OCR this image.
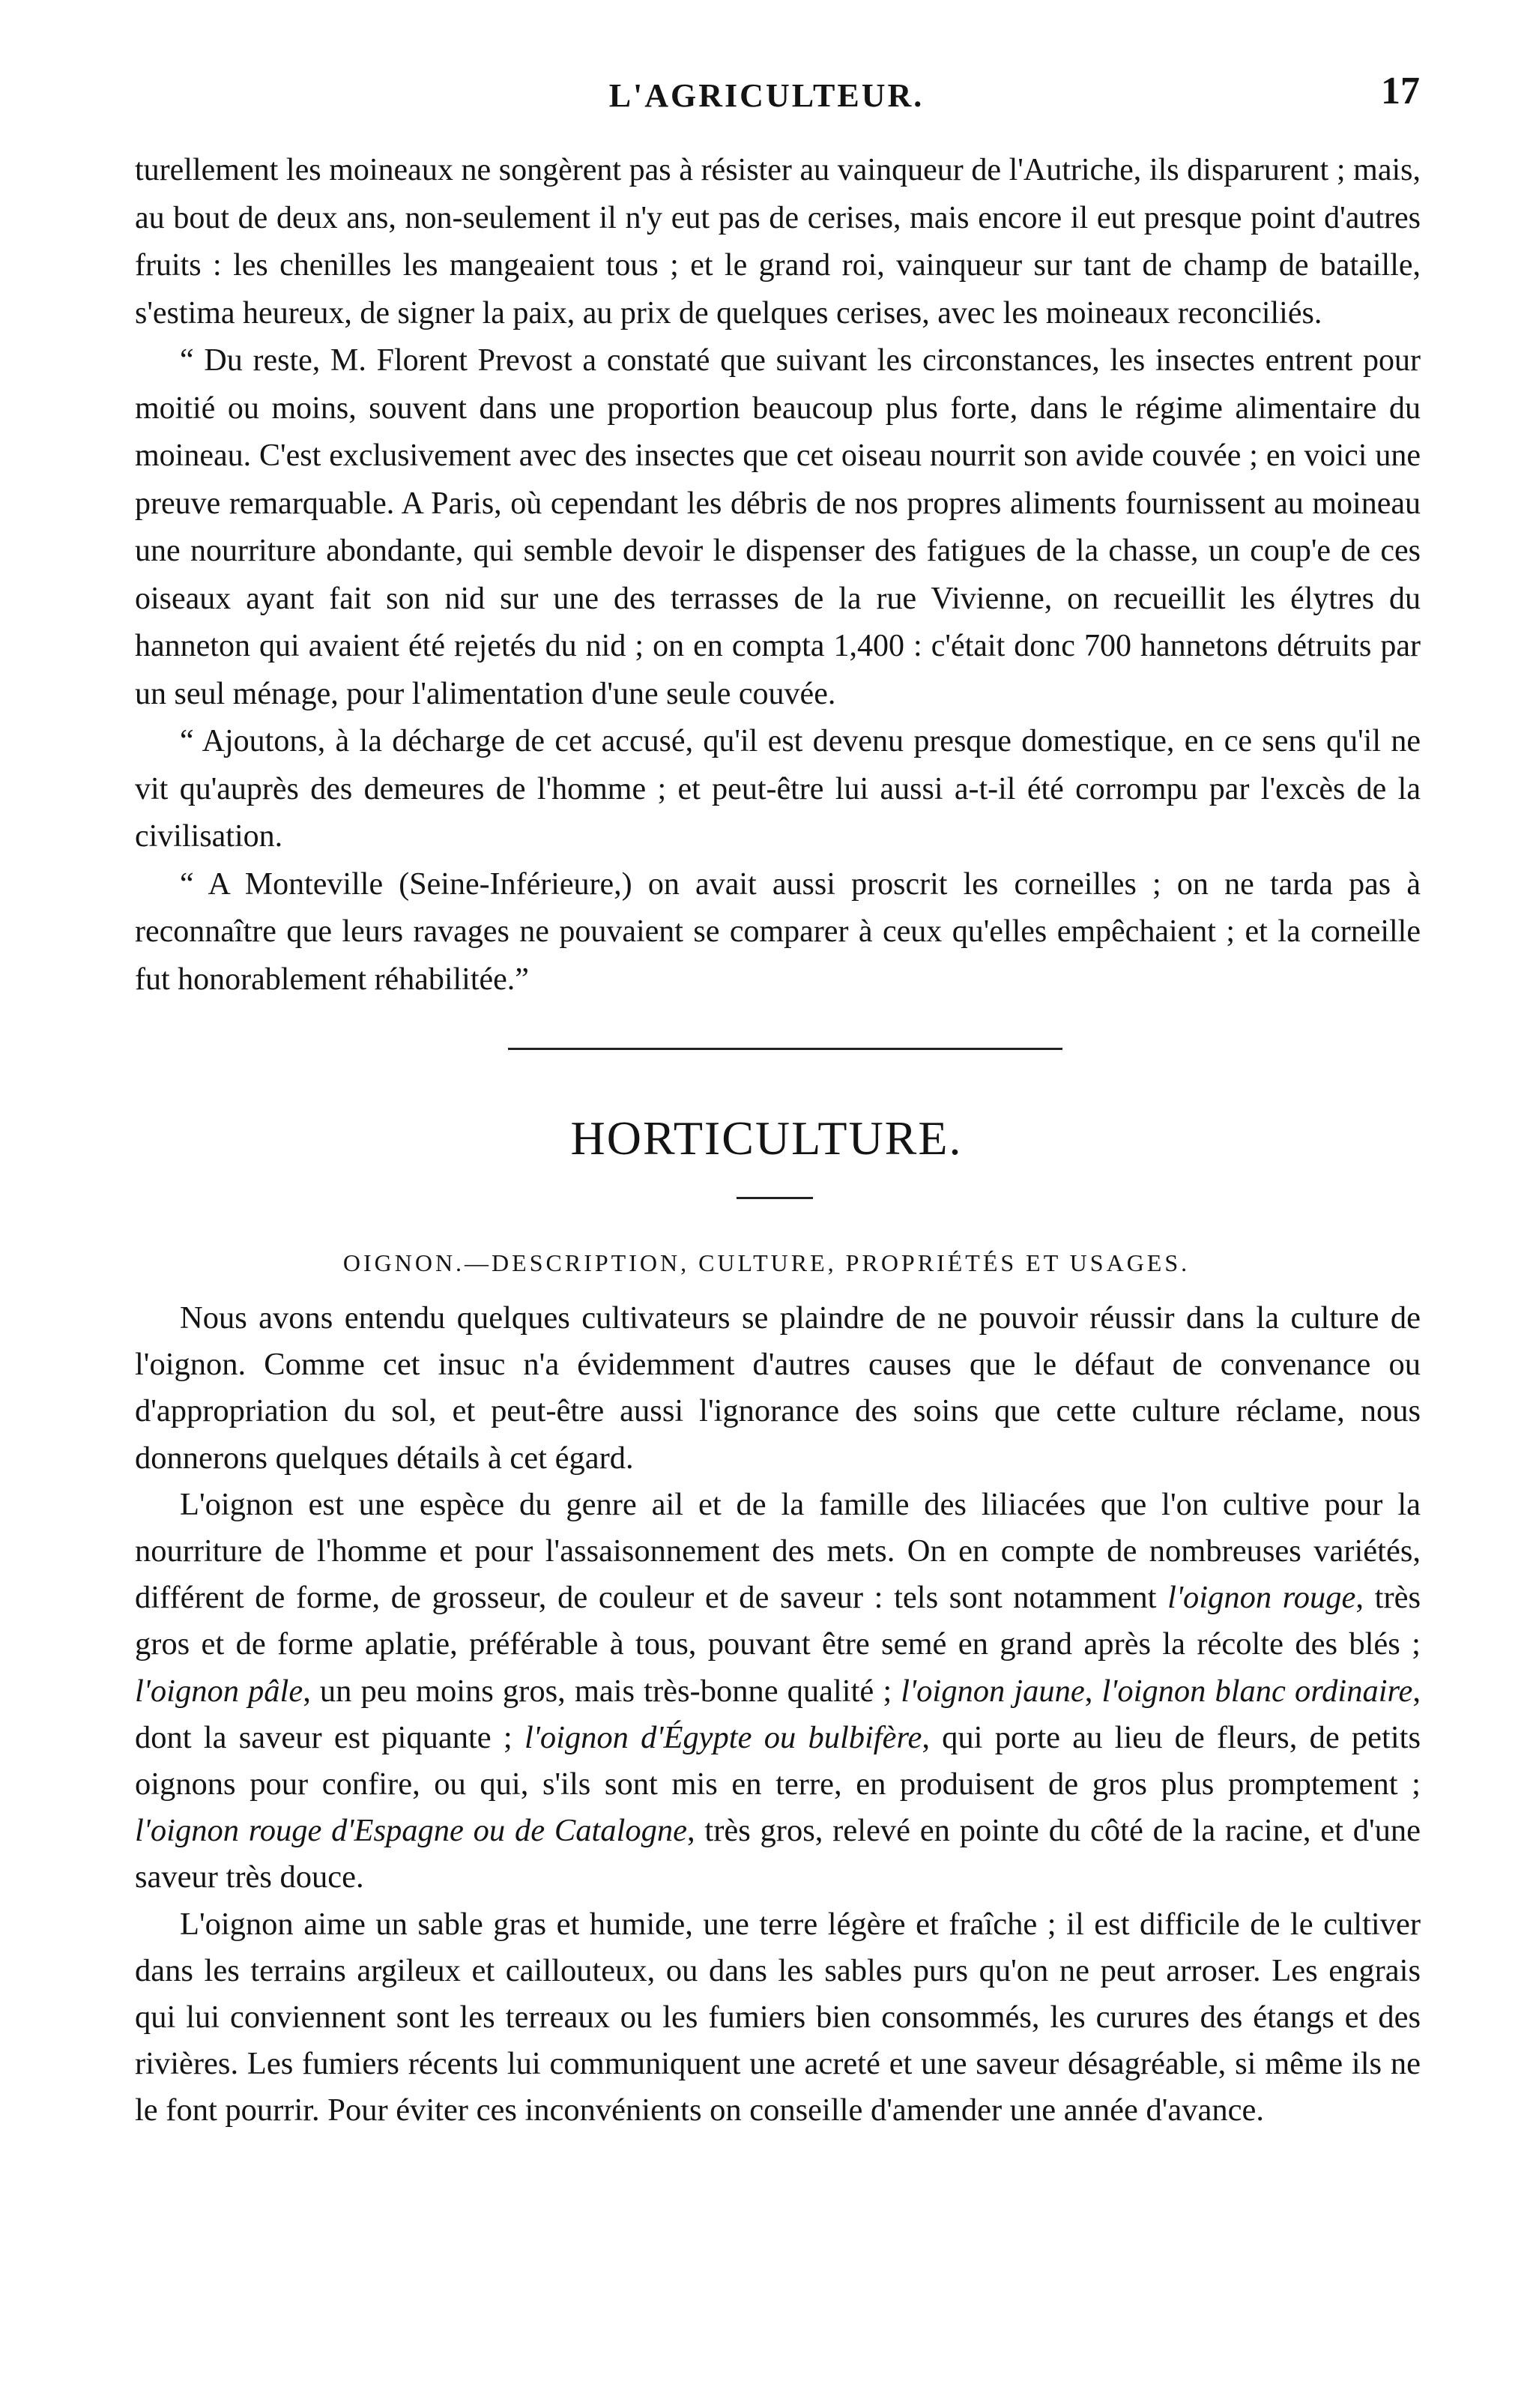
L'AGRICULTEUR.	17

turellement les moineaux ne songèrent pas à résister au vainqueur de l'Autriche, ils disparurent ; mais, au bout de deux ans, non-seulement il n'y eut pas de cerises, mais encore il eut presque point d'autres fruits : les chenilles les mangeaient tous ; et le grand roi, vainqueur sur tant de champ de bataille, s'estima heureux, de signer la paix, au prix de quelques cerises, avec les moineaux reconciliés.

“ Du reste, M. Florent Prevost a constaté que suivant les circonstances, les insectes entrent pour moitié ou moins, souvent dans une proportion beaucoup plus forte, dans le régime alimentaire du moineau. C'est exclusivement avec des insectes que cet oiseau nourrit son avide couvée ; en voici une preuve remarquable. A Paris, où cependant les débris de nos propres aliments fournissent au moineau une nourriture abondante, qui semble devoir le dispenser des fatigues de la chasse, un coup'e de ces oiseaux ayant fait son nid sur une des terrasses de la rue Vivienne, on recueillit les élytres du hanneton qui avaient été rejetés du nid ; on en compta 1,400 : c'était donc 700 hannetons détruits par un seul ménage, pour l'alimentation d'une seule couvée.

“ Ajoutons, à la décharge de cet accusé, qu'il est devenu presque domestique, en ce sens qu'il ne vit qu'auprès des demeures de l'homme ; et peut-être lui aussi a-t-il été corrompu par l'excès de la civilisation.

“ A Monteville (Seine-Inférieure,) on avait aussi proscrit les corneilles ; on ne tarda pas à reconnaître que leurs ravages ne pouvaient se comparer à ceux qu'elles empêchaient ; et la corneille fut honorablement réhabilitée.”

HORTICULTURE.
OIGNON.—DESCRIPTION, CULTURE, PROPRIÉTÉS ET USAGES.

Nous avons entendu quelques cultivateurs se plaindre de ne pouvoir réussir dans la culture de l'oignon. Comme cet insuc n'a évidemment d'autres causes que le défaut de convenance ou d'appropriation du sol, et peut-être aussi l'ignorance des soins que cette culture réclame, nous donnerons quelques détails à cet égard.

L'oignon est une espèce du genre ail et de la famille des liliacées que l'on cultive pour la nourriture de l'homme et pour l'assaisonnement des mets. On en compte de nombreuses variétés, différent de forme, de grosseur, de couleur et de saveur : tels sont notamment l'oignon rouge, très gros et de forme aplatie, préférable à tous, pouvant être semé en grand après la récolte des blés ; l'oignon pâle, un peu moins gros, mais très-bonne qualité ; l'oignon jaune, l'oignon blanc ordinaire, dont la saveur est piquante ; l'oignon d'Égypte ou bulbifère, qui porte au lieu de fleurs, de petits oignons pour confire, ou qui, s'ils sont mis en terre, en produisent de gros plus promptement ; l'oignon rouge d'Espagne ou de Catalogne, très gros, relevé en pointe du côté de la racine, et d'une saveur très douce.

L'oignon aime un sable gras et humide, une terre légère et fraîche ; il est difficile de le cultiver dans les terrains argileux et caillouteux, ou dans les sables purs qu'on ne peut arroser. Les engrais qui lui conviennent sont les terreaux ou les fumiers bien consommés, les curures des étangs et des rivières. Les fumiers récents lui communiquent une acreté et une saveur désagréable, si même ils ne le font pourrir. Pour éviter ces inconvénients on conseille d'amender une année d'avance.
